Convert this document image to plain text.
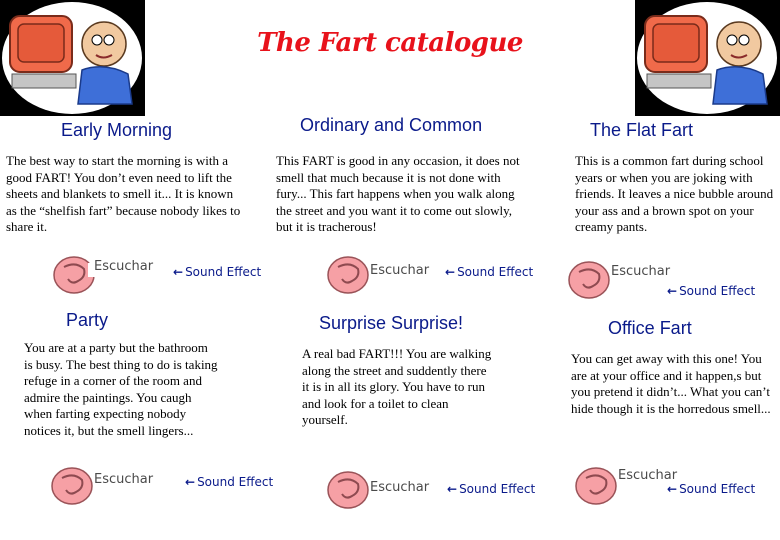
The Fart catalogue
Early Morning
The best way to start the morning is with a good FART! You don’t even need to lift the sheets and blankets to smell it... It is known as the “shelfish fart” because nobody likes to share it.
Escuchar ← Sound Effect
Ordinary and Common
This FART is good in any occasion, it does not smell that much because it is not done with fury... This fart happens when you walk along the street and you want it to come out slowly, but it is tracherous!
Escuchar ← Sound Effect
The Flat Fart
This is a common fart during school years or when you are joking with friends. It leaves a nice bubble around your ass and a brown spot on your creamy pants.
Escuchar
← Sound Effect
Party
You are at a party but the bathroom is busy. The best thing to do is taking refuge in a corner of the room and admire the paintings. You caugh when farting expecting nobody notices it, but the smell lingers...
Escuchar	← Sound Effect
Surprise Surprise!
A real bad FART!!! You are walking along the street and suddently there it is in all its glory. You have to run and look for a toilet to clean yourself.
Escuchar ← Sound Effect
Office Fart
You can get away with this one! You are at your office and it happen,s but you pretend it didn’t... What you can’t hide though it is the horredous smell...
Escuchar
← Sound Effect
